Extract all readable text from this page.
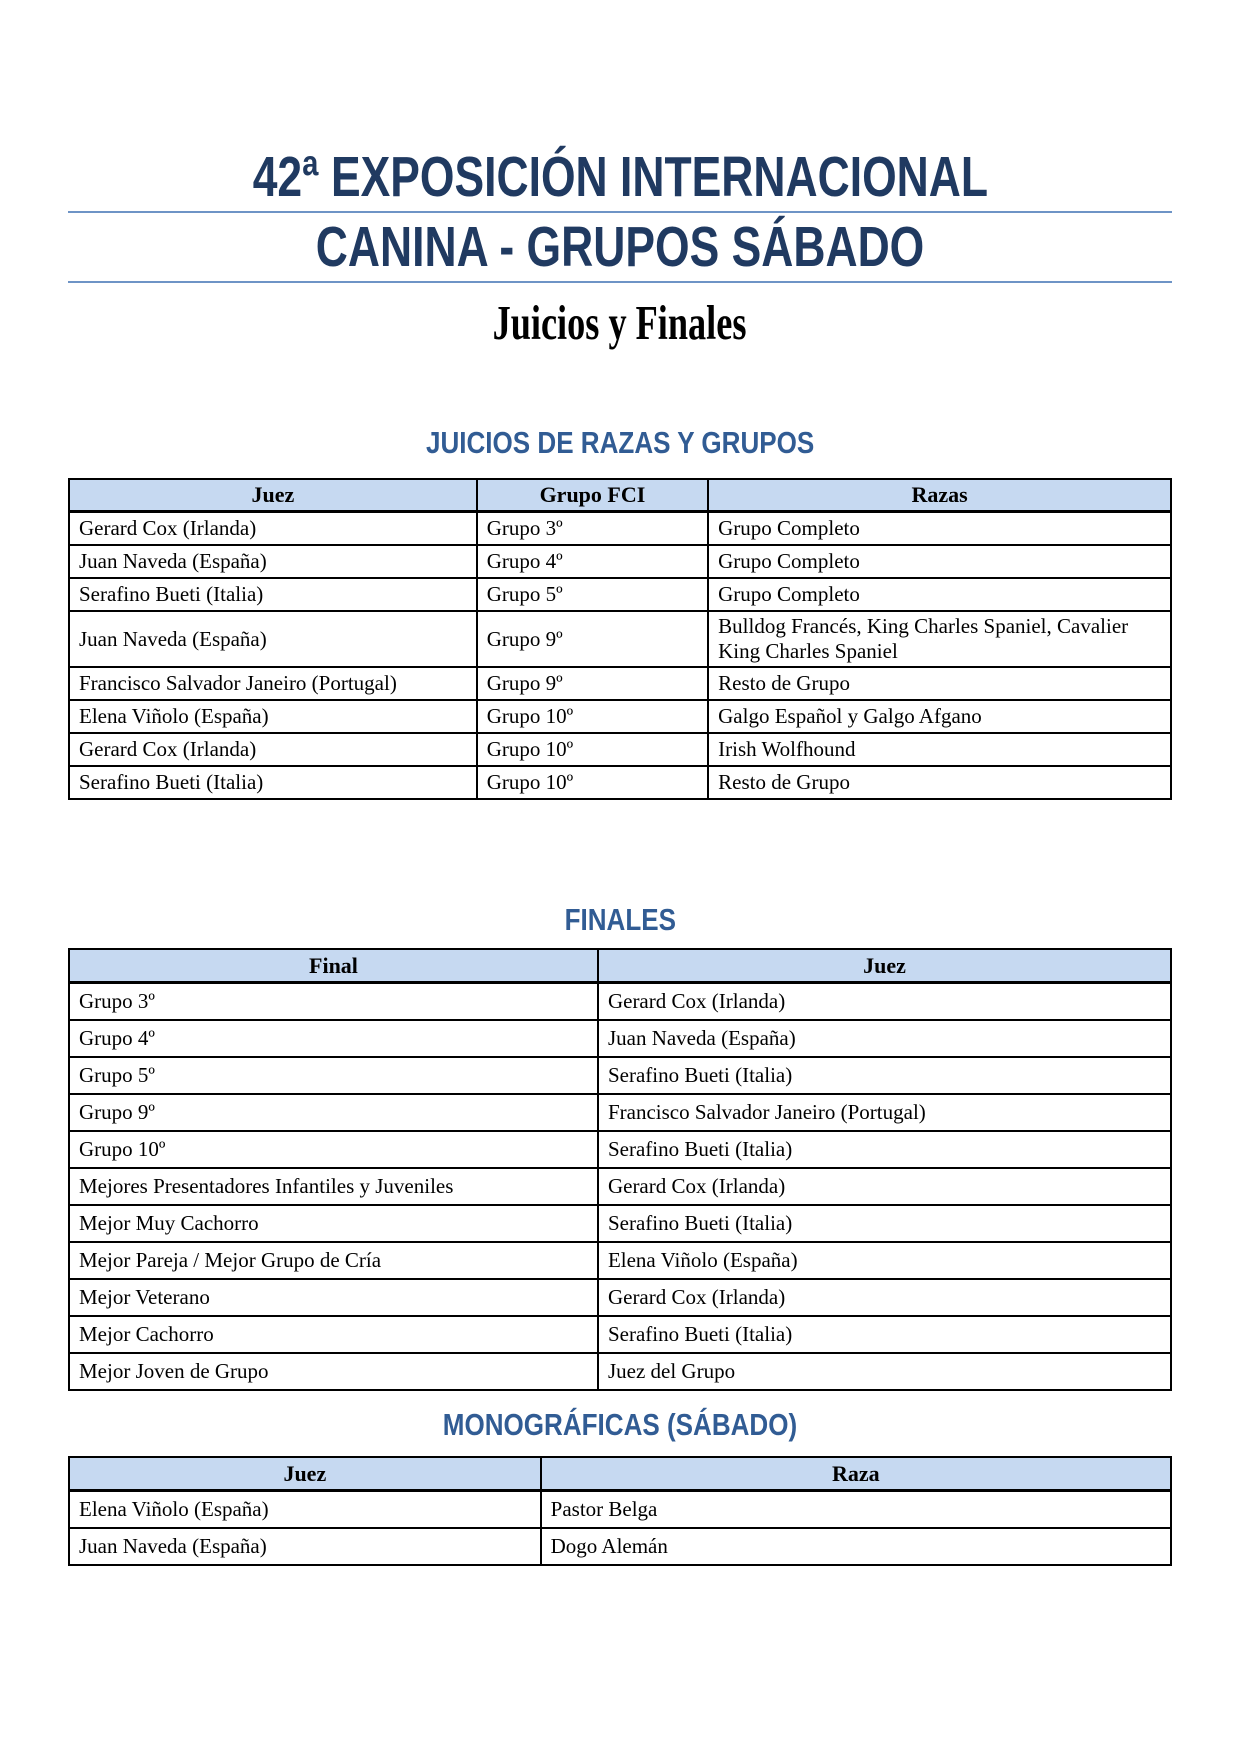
42ª EXPOSICIÓN INTERNACIONAL
CANINA - GRUPOS SÁBADO
Juicios y Finales
JUICIOS DE RAZAS Y GRUPOS
Juez	Grupo FCI	Razas
Gerard Cox (Irlanda)	Grupo 3º	Grupo Completo
Juan Naveda (España)	Grupo 4º	Grupo Completo
Serafino Bueti (Italia)	Grupo 5º	Grupo Completo
Juan Naveda (España)	Grupo 9º	Bulldog Francés, King Charles Spaniel, Cavalier King Charles Spaniel
Francisco Salvador Janeiro (Portugal)	Grupo 9º	Resto de Grupo
Elena Viñolo (España)	Grupo 10º	Galgo Español y Galgo Afgano
Gerard Cox (Irlanda)	Grupo 10º	Irish Wolfhound
Serafino Bueti (Italia)	Grupo 10º	Resto de Grupo
FINALES
Final	Juez
Grupo 3º	Gerard Cox (Irlanda)
Grupo 4º	Juan Naveda (España)
Grupo 5º	Serafino Bueti (Italia)
Grupo 9º	Francisco Salvador Janeiro (Portugal)
Grupo 10º	Serafino Bueti (Italia)
Mejores Presentadores Infantiles y Juveniles	Gerard Cox (Irlanda)
Mejor Muy Cachorro	Serafino Bueti (Italia)
Mejor Pareja / Mejor Grupo de Cría	Elena Viñolo (España)
Mejor Veterano	Gerard Cox (Irlanda)
Mejor Cachorro	Serafino Bueti (Italia)
Mejor Joven de Grupo	Juez del Grupo
MONOGRÁFICAS (SÁBADO)
Juez	Raza
Elena Viñolo (España)	Pastor Belga
Juan Naveda (España)	Dogo Alemán
